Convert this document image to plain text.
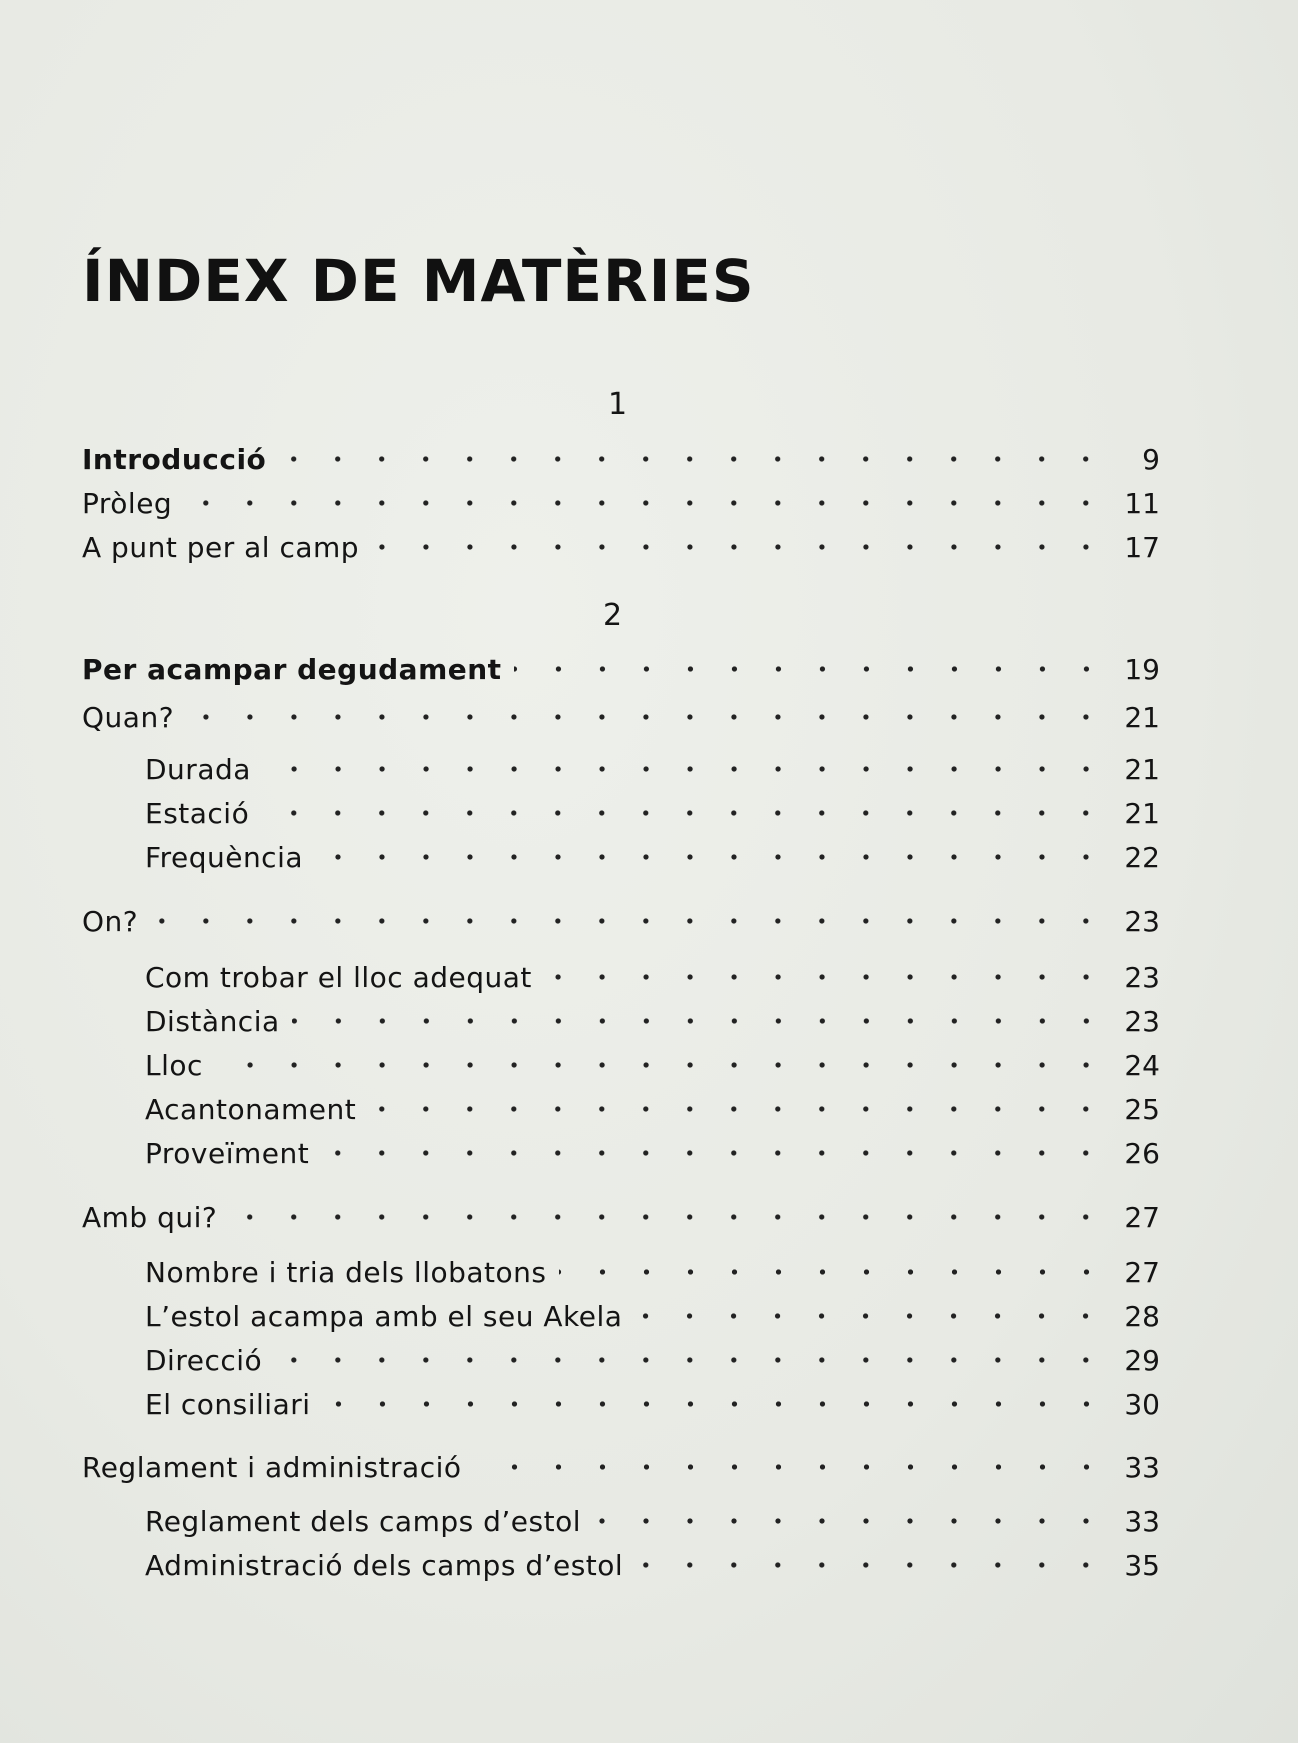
ÍNDEX DE MATÈRIES
1
Introducció	9
Pròleg	11
A punt per al camp	17
2
Per acampar degudament	19
Quan?	21
Durada	21
Estació	21
Frequència	22
On?	23
Com trobar el lloc adequat	23
Distància	23
Lloc	24
Acantonament	25
Proveïment	26
Amb qui?	27
Nombre i tria dels llobatons	27
L’estol acampa amb el seu Akela	28
Direcció	29
El consiliari	30
Reglament i administració	33
Reglament dels camps d’estol	33
Administració dels camps d’estol	35
